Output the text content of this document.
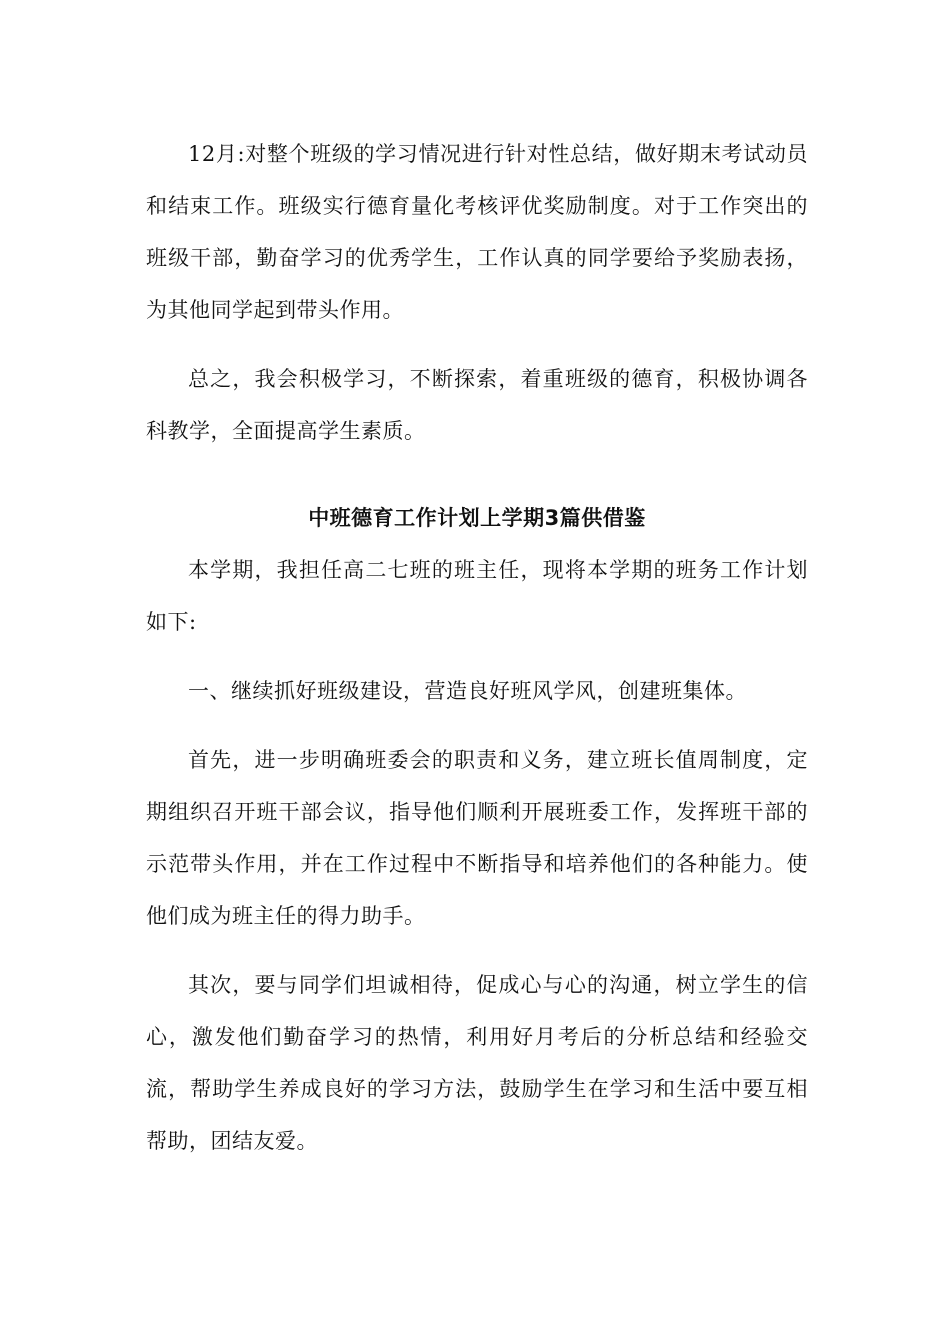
12月:对整个班级的学习情况进行针对性总结，做好期末考试动员和结束工作。班级实行德育量化考核评优奖励制度。对于工作突出的班级干部，勤奋学习的优秀学生，工作认真的同学要给予奖励表扬，为其他同学起到带头作用。

总之，我会积极学习，不断探索，着重班级的德育，积极协调各科教学，全面提高学生素质。

中班德育工作计划上学期3篇供借鉴

本学期，我担任高二七班的班主任，现将本学期的班务工作计划如下:

一、继续抓好班级建设，营造良好班风学风，创建班集体。

首先，进一步明确班委会的职责和义务，建立班长值周制度，定期组织召开班干部会议，指导他们顺利开展班委工作，发挥班干部的示范带头作用，并在工作过程中不断指导和培养他们的各种能力。使他们成为班主任的得力助手。

其次，要与同学们坦诚相待，促成心与心的沟通，树立学生的信心，激发他们勤奋学习的热情，利用好月考后的分析总结和经验交流，帮助学生养成良好的学习方法，鼓励学生在学习和生活中要互相帮助，团结友爱。
